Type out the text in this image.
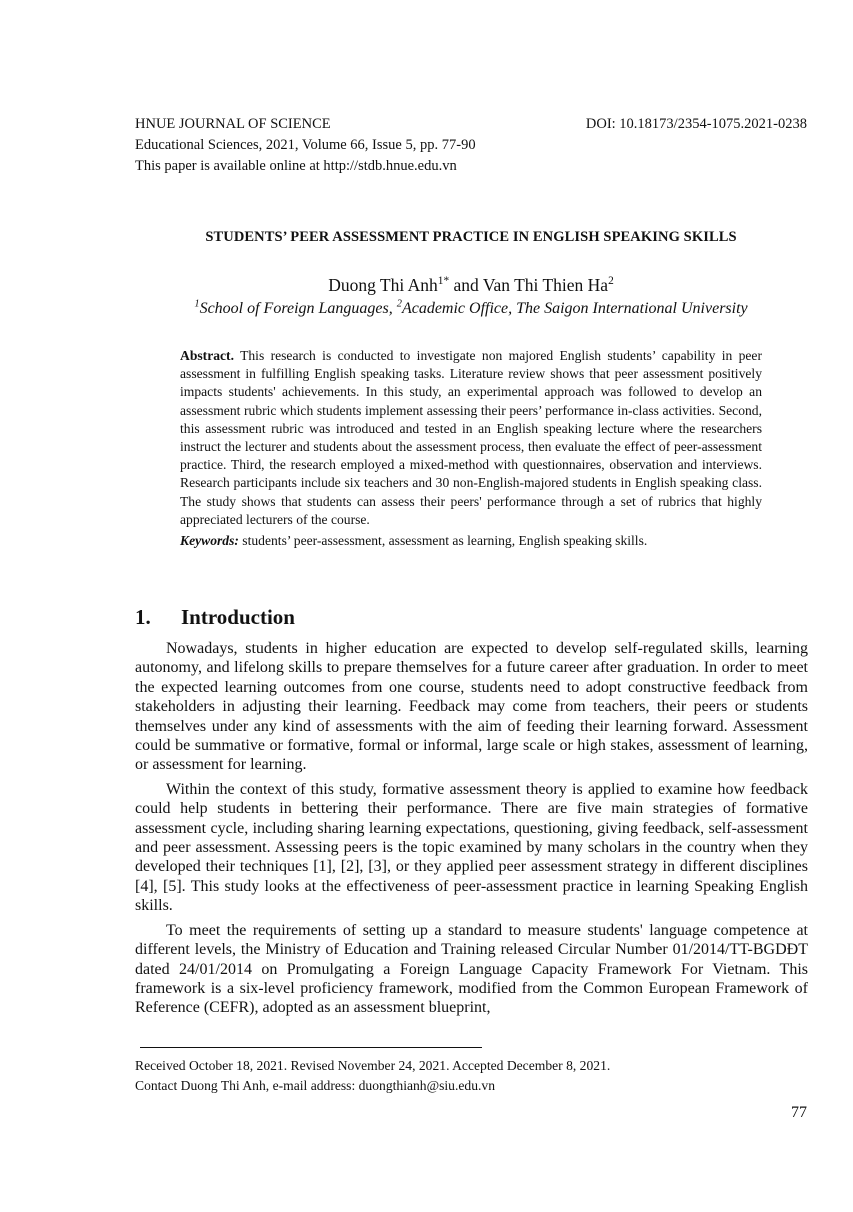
HNUE JOURNAL OF SCIENCE	DOI: 10.18173/2354-1075.2021-0238
Educational Sciences, 2021, Volume 66, Issue 5, pp. 77-90
This paper is available online at http://stdb.hnue.edu.vn
STUDENTS’ PEER ASSESSMENT PRACTICE IN ENGLISH SPEAKING SKILLS
Duong Thi Anh$^{1*}$ and Van Thi Thien Ha$^2$
$^1$School of Foreign Languages, $^2$Academic Office, The Saigon International University

Abstract. This research is conducted to investigate non majored English students’ capability in peer assessment in fulfilling English speaking tasks. Literature review shows that peer assessment positively impacts students' achievements. In this study, an experimental approach was followed to develop an assessment rubric which students implement assessing their peers’ performance in-class activities. Second, this assessment rubric was introduced and tested in an English speaking lecture where the researchers instruct the lecturer and students about the assessment process, then evaluate the effect of peer-assessment practice. Third, the research employed a mixed-method with questionnaires, observation and interviews. Research participants include six teachers and 30 non-English-majored students in English speaking class. The study shows that students can assess their peers' performance through a set of rubrics that highly appreciated lecturers of the course.

Keywords: students’ peer-assessment, assessment as learning, English speaking skills.

1. Introduction

Nowadays, students in higher education are expected to develop self-regulated skills, learning autonomy, and lifelong skills to prepare themselves for a future career after graduation. In order to meet the expected learning outcomes from one course, students need to adopt constructive feedback from stakeholders in adjusting their learning. Feedback may come from teachers, their peers or students themselves under any kind of assessments with the aim of feeding their learning forward. Assessment could be summative or formative, formal or informal, large scale or high stakes, assessment of learning, or assessment for learning.

Within the context of this study, formative assessment theory is applied to examine how feedback could help students in bettering their performance. There are five main strategies of formative assessment cycle, including sharing learning expectations, questioning, giving feedback, self-assessment and peer assessment. Assessing peers is the topic examined by many scholars in the country when they developed their techniques [1], [2], [3], or they applied peer assessment strategy in different disciplines [4], [5]. This study looks at the effectiveness of peer-assessment practice in learning Speaking English skills.

To meet the requirements of setting up a standard to measure students' language competence at different levels, the Ministry of Education and Training released Circular Number 01/2014/TT-BGDĐT dated 24/01/2014 on Promulgating a Foreign Language Capacity Framework For Vietnam. This framework is a six-level proficiency framework, modified from the Common European Framework of Reference (CEFR), adopted as an assessment blueprint,

Received October 18, 2021. Revised November 24, 2021. Accepted December 8, 2021.
Contact Duong Thi Anh, e-mail address: duongthianh@siu.edu.vn
77
